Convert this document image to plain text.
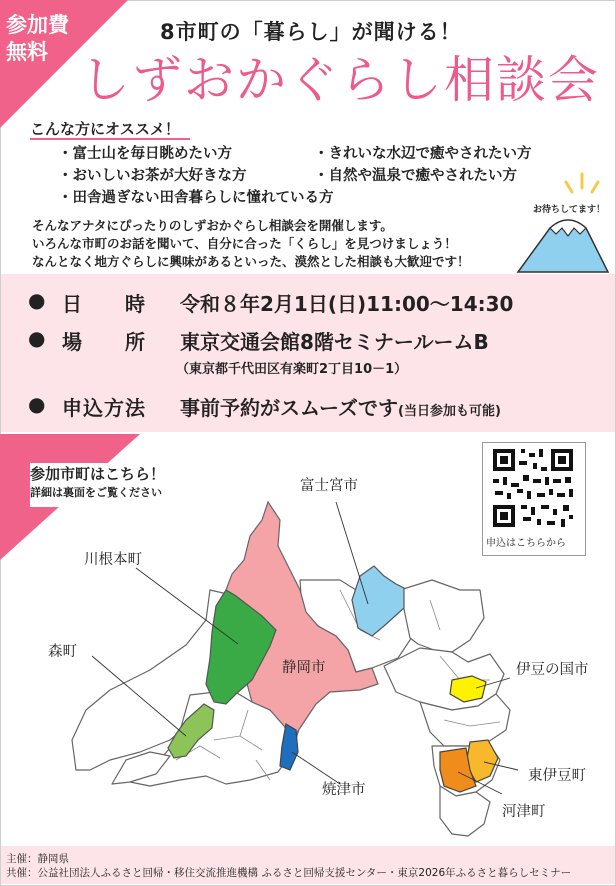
参加費
無料
8市町の「暮らし」が聞ける！
しずおかぐらし相談会
こんな方にオススメ！
・富士山を毎日眺めたい方	・きれいな水辺で癒やされたい方
・おいしいお茶が大好きな方	・自然や温泉で癒やされたい方
・田舎過ぎない田舎暮らしに憧れている方
お待ちしてます！
そんなアナタにぴったりのしずおかぐらし相談会を開催します。
いろんな市町のお話を聞いて、自分に合った「くらし」を見つけましょう！
なんとなく地方ぐらしに興味があるといった、漠然とした相談も大歓迎です！
● 日　　時 令和８年2月1日(日)11:00～14:30
● 場　　所 東京交通会館8階セミナールームB
（東京都千代田区有楽町2丁目10－1）
● 申込方法 事前予約がスムーズです(当日参加も可能)
参加市町はこちら！
詳細は裏面をご覧ください
申込はこちらから
富士宮市
川根本町
森町
静岡市	伊豆の国市
焼津市
東伊豆町
河津町
主催：静岡県
共催：公益社団法人ふるさと回帰・移住交流推進機構 ふるさと回帰支援センター・東京2026年ふるさと暮らしセミナー
